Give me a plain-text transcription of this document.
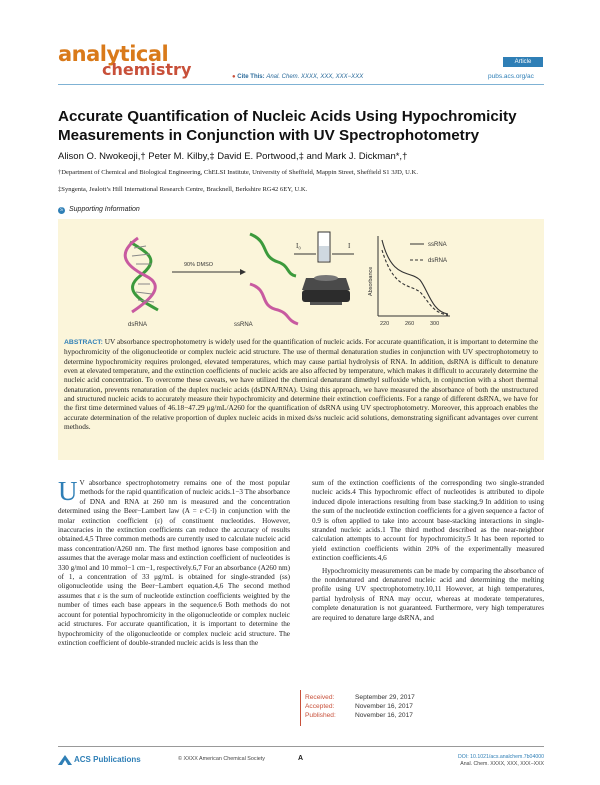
analytical
chemistry	● Cite This: Anal. Chem. XXXX, XXX, XXX−XXX
Article
pubs.acs.org/ac
Accurate Quantification of Nucleic Acids Using Hypochromicity Measurements in Conjunction with UV Spectrophotometry
Alison O. Nwokeoji,† Peter M. Kilby,‡ David E. Portwood,‡ and Mark J. Dickman*,†
†Department of Chemical and Biological Engineering, ChELSI Institute, University of Sheffield, Mappin Street, Sheffield S1 3JD, U.K.
‡Syngenta, Jealott’s Hill International Research Centre, Bracknell, Berkshire RG42 6EY, U.K.
S Supporting Information
dsRNA
90% DMSO
ssRNA
I₀	I	ssRNA
dsRNA
Absorbance
220	260	300
ABSTRACT: UV absorbance spectrophotometry is widely used for the quantification of nucleic acids. For accurate quantification, it is important to determine the hypochromicity of the oligonucleotide or complex nucleic acid structure. The use of thermal denaturation studies in conjunction with UV spectrophotometry to determine hypochromicity requires prolonged, elevated temperatures, which may cause partial hydrolysis of RNA. In addition, dsRNA is difficult to denature even at elevated temperature, and the extinction coefficients of nucleic acids are also affected by temperature, which makes it difficult to accurately determine the nucleic acid concentration. To overcome these caveats, we have utilized the chemical denaturant dimethyl sulfoxide which, in conjunction with a short thermal denaturation, prevents renaturation of the duplex nucleic acids (dsDNA/RNA). Using this approach, we have measured the absorbance of both the unstructured and structured nucleic acids to accurately measure their hypochromicity and determine their extinction coefficients. For a range of different dsRNA, we have for the first time determined values of 46.18−47.29 μg/mL/A260 for the quantification of dsRNA using UV spectrophotometry. Moreover, this approach enables the accurate determination of the relative proportion of duplex nucleic acids in mixed ds/ss nucleic acid solutions, demonstrating significant advantages over current methods.
U V absorbance spectrophotometry remains one of the most popular methods for the rapid quantification of nucleic acids.1−3 The absorbance of DNA and RNA at 260 nm is measured and the concentration determined using the Beer−Lambert law (A = ε·C·l) in conjunction with the molar extinction coefficient (ε) of constituent nucleotides. However, inaccuracies in the extinction coefficients can reduce the accuracy of results obtained.4,5 Three common methods are currently used to calculate nucleic acid mass concentration/A260 nm. The first method ignores base composition and assumes that the average molar mass and extinction coefficient of nucleotides is 330 g/mol and 10 mmol−1 cm−1, respectively.6,7 For an absorbance (A260 nm) of 1, a concentration of 33 μg/mL is obtained for single-stranded (ss) oligonucleotide using the Beer−Lambert equation.4,6 The second method assumes that ε is the sum of nucleotide extinction coefficients weighted by the number of times each base appears in the sequence.6 Both methods do not account for potential hypochromicity in the oligonucleotide or complex nucleic acid structures. For accurate quantification, it is important to determine the hypochromicity of the oligonucleotide or complex nucleic acid structure. The extinction coefficient of double-stranded nucleic acids is less than the
sum of the extinction coefficients of the corresponding two single-stranded nucleic acids.4 This hypochromic effect of nucleotides is attributed to dipole induced dipole interactions resulting from base stacking.9 In addition to using the sum of the nucleotide extinction coefficients for a given sequence a factor of 0.9 is often applied to take into account base-stacking interactions in single-stranded nucleic acids.1 The third method described as the near-neighbor calculation attempts to account for hypochromicity.5 It has been reported to yield extinction coefficients within 20% of the experimentally measured extinction coefficients.4,6
Hypochromicity measurements can be made by comparing the absorbance of the nondenatured and denatured nucleic acid and determining the melting profile using UV spectrophotometry.10,11 However, at high temperatures, partial hydrolysis of RNA may occur, whereas at moderate temperatures, complete denaturation is not guaranteed. Furthermore, very high temperatures are required to denature large dsRNA, and
Received:	September 29, 2017
Accepted:	November 16, 2017
Published:	November 16, 2017
ACS Publications	© XXXX American Chemical Society	A	DOI: 10.1021/acs.analchem.7b04000
Anal. Chem. XXXX, XXX, XXX−XXX
